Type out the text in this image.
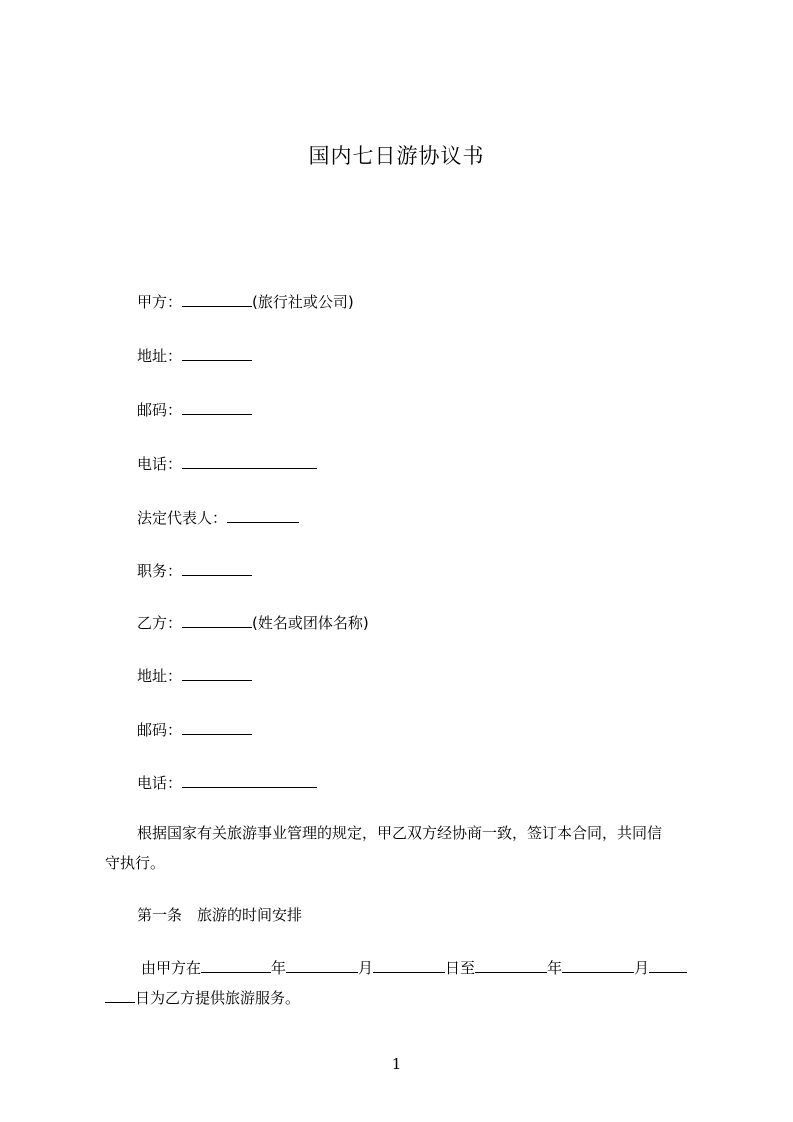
国内七日游协议书
甲方：	(旅行社或公司)
地址：
邮码：
电话：
法定代表人：
职务：
乙方：	(姓名或团体名称)
地址：
邮码：
电话：
根据国家有关旅游事业管理的规定，甲乙双方经协商一致，签订本合同，共同信
守执行。
第一条　旅游的时间安排
由甲方在	年	月	日至	年	月
日为乙方提供旅游服务。
1
